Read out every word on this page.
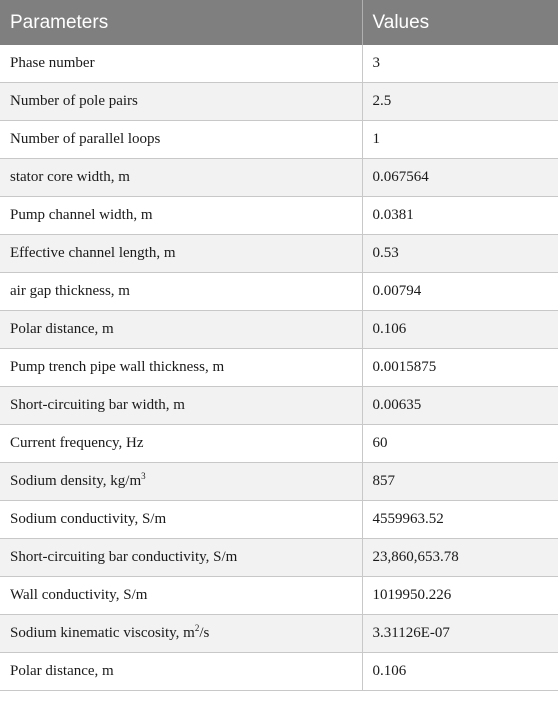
Parameters	Values
Phase number	3
Number of pole pairs	2.5
Number of parallel loops	1
stator core width, m	0.067564
Pump channel width, m	0.0381
Effective channel length, m	0.53
air gap thickness, m	0.00794
Polar distance, m	0.106
Pump trench pipe wall thickness, m	0.0015875
Short-circuiting bar width, m	0.00635
Current frequency, Hz	60
Sodium density, $kg/m^3$	857
Sodium conductivity, S/m	4559963.52
Short-circuiting bar conductivity, S/m	23,860,653.78
Wall conductivity, S/m	1019950.226
Sodium kinematic viscosity, $m^2/s$	3.31126E-07
Polar distance, m	0.106
